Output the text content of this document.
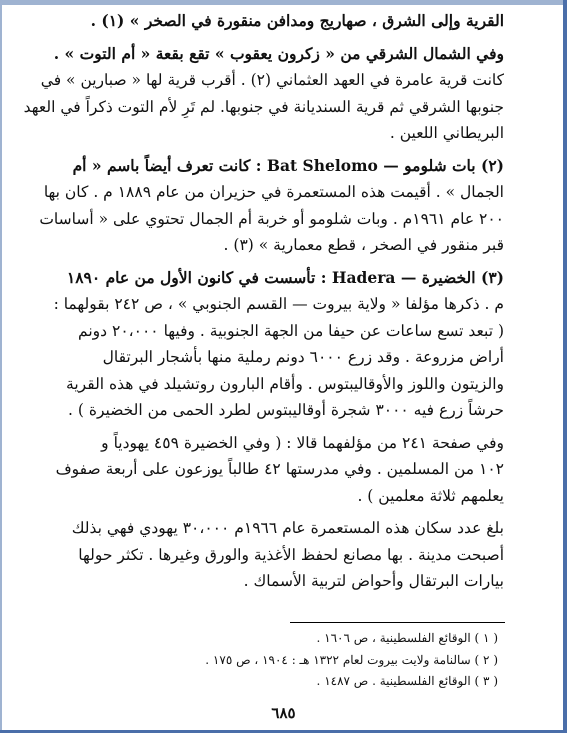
القرية وإلى الشرق ، صهاريج ومدافن منقورة في الصخر » (١) .
وفي الشمال الشرقي من « زكرون يعقوب » تقع بقعة « أم التوت » .
كانت قرية عامرة في العهد العثماني (٢) . أقرب قرية لها « صبارين » في
جنوبها الشرقي ثم قرية السنديانة في جنوبها. لم تَرِ لأم التوت ذكراً في العهد
البريطاني اللعين .
(٢) بات شلومو — Bat Shelomo : كانت تعرف أيضاً باسم « أم
الجمال » . أقيمت هذه المستعمرة في حزيران من عام ١٨٨٩ م . كان بها
٢٠٠ عام ١٩٦١م . وبات شلومو أو خربة أم الجمال تحتوي على « أساسات
قبر منقور في الصخر ، قطع معمارية » (٣) .
(٣) الخضيرة — Hadera : تأسست في كانون الأول من عام ١٨٩٠
م . ذكرها مؤلفا « ولاية بيروت — القسم الجنوبي » ، ص ٢٤٢ بقولهما :
( تبعد تسع ساعات عن حيفا من الجهة الجنوبية . وفيها ٢٠،٠٠٠ دونم
أراض مزروعة . وقد زرع ٦٠٠٠ دونم رملية منها بأشجار البرتقال
والزيتون واللوز والأوقاليبتوس . وأقام البارون روتشيلد في هذه القرية
حرشاً زرع فيه ٣٠٠٠ شجرة أوقاليبتوس لطرد الحمى من الخضيرة ) .
وفي صفحة ٢٤١ من مؤلفهما قالا : ( وفي الخضيرة ٤٥٩ يهودياً و
١٠٢ من المسلمين . وفي مدرستها ٤٢ طالباً يوزعون على أربعة صفوف
يعلمهم ثلاثة معلمين ) .
بلغ عدد سكان هذه المستعمرة عام ١٩٦٦م ٣٠،٠٠٠ يهودي فهي بذلك
أصبحت مدينة . بها مصانع لحفظ الأغذية والورق وغيرها . تكثر حولها
بيارات البرتقال وأحواض لتربية الأسماك .
( ١ ) الوقائع الفلسطينية ، ص ١٦٠٦ .
( ٢ ) سالنامة ولايت بيروت لعام ١٣٢٢ هـ : ١٩٠٤ ، ص ١٧٥ .
( ٣ ) الوقائع الفلسطينية . ص ١٤٨٧ .
٦٨٥
